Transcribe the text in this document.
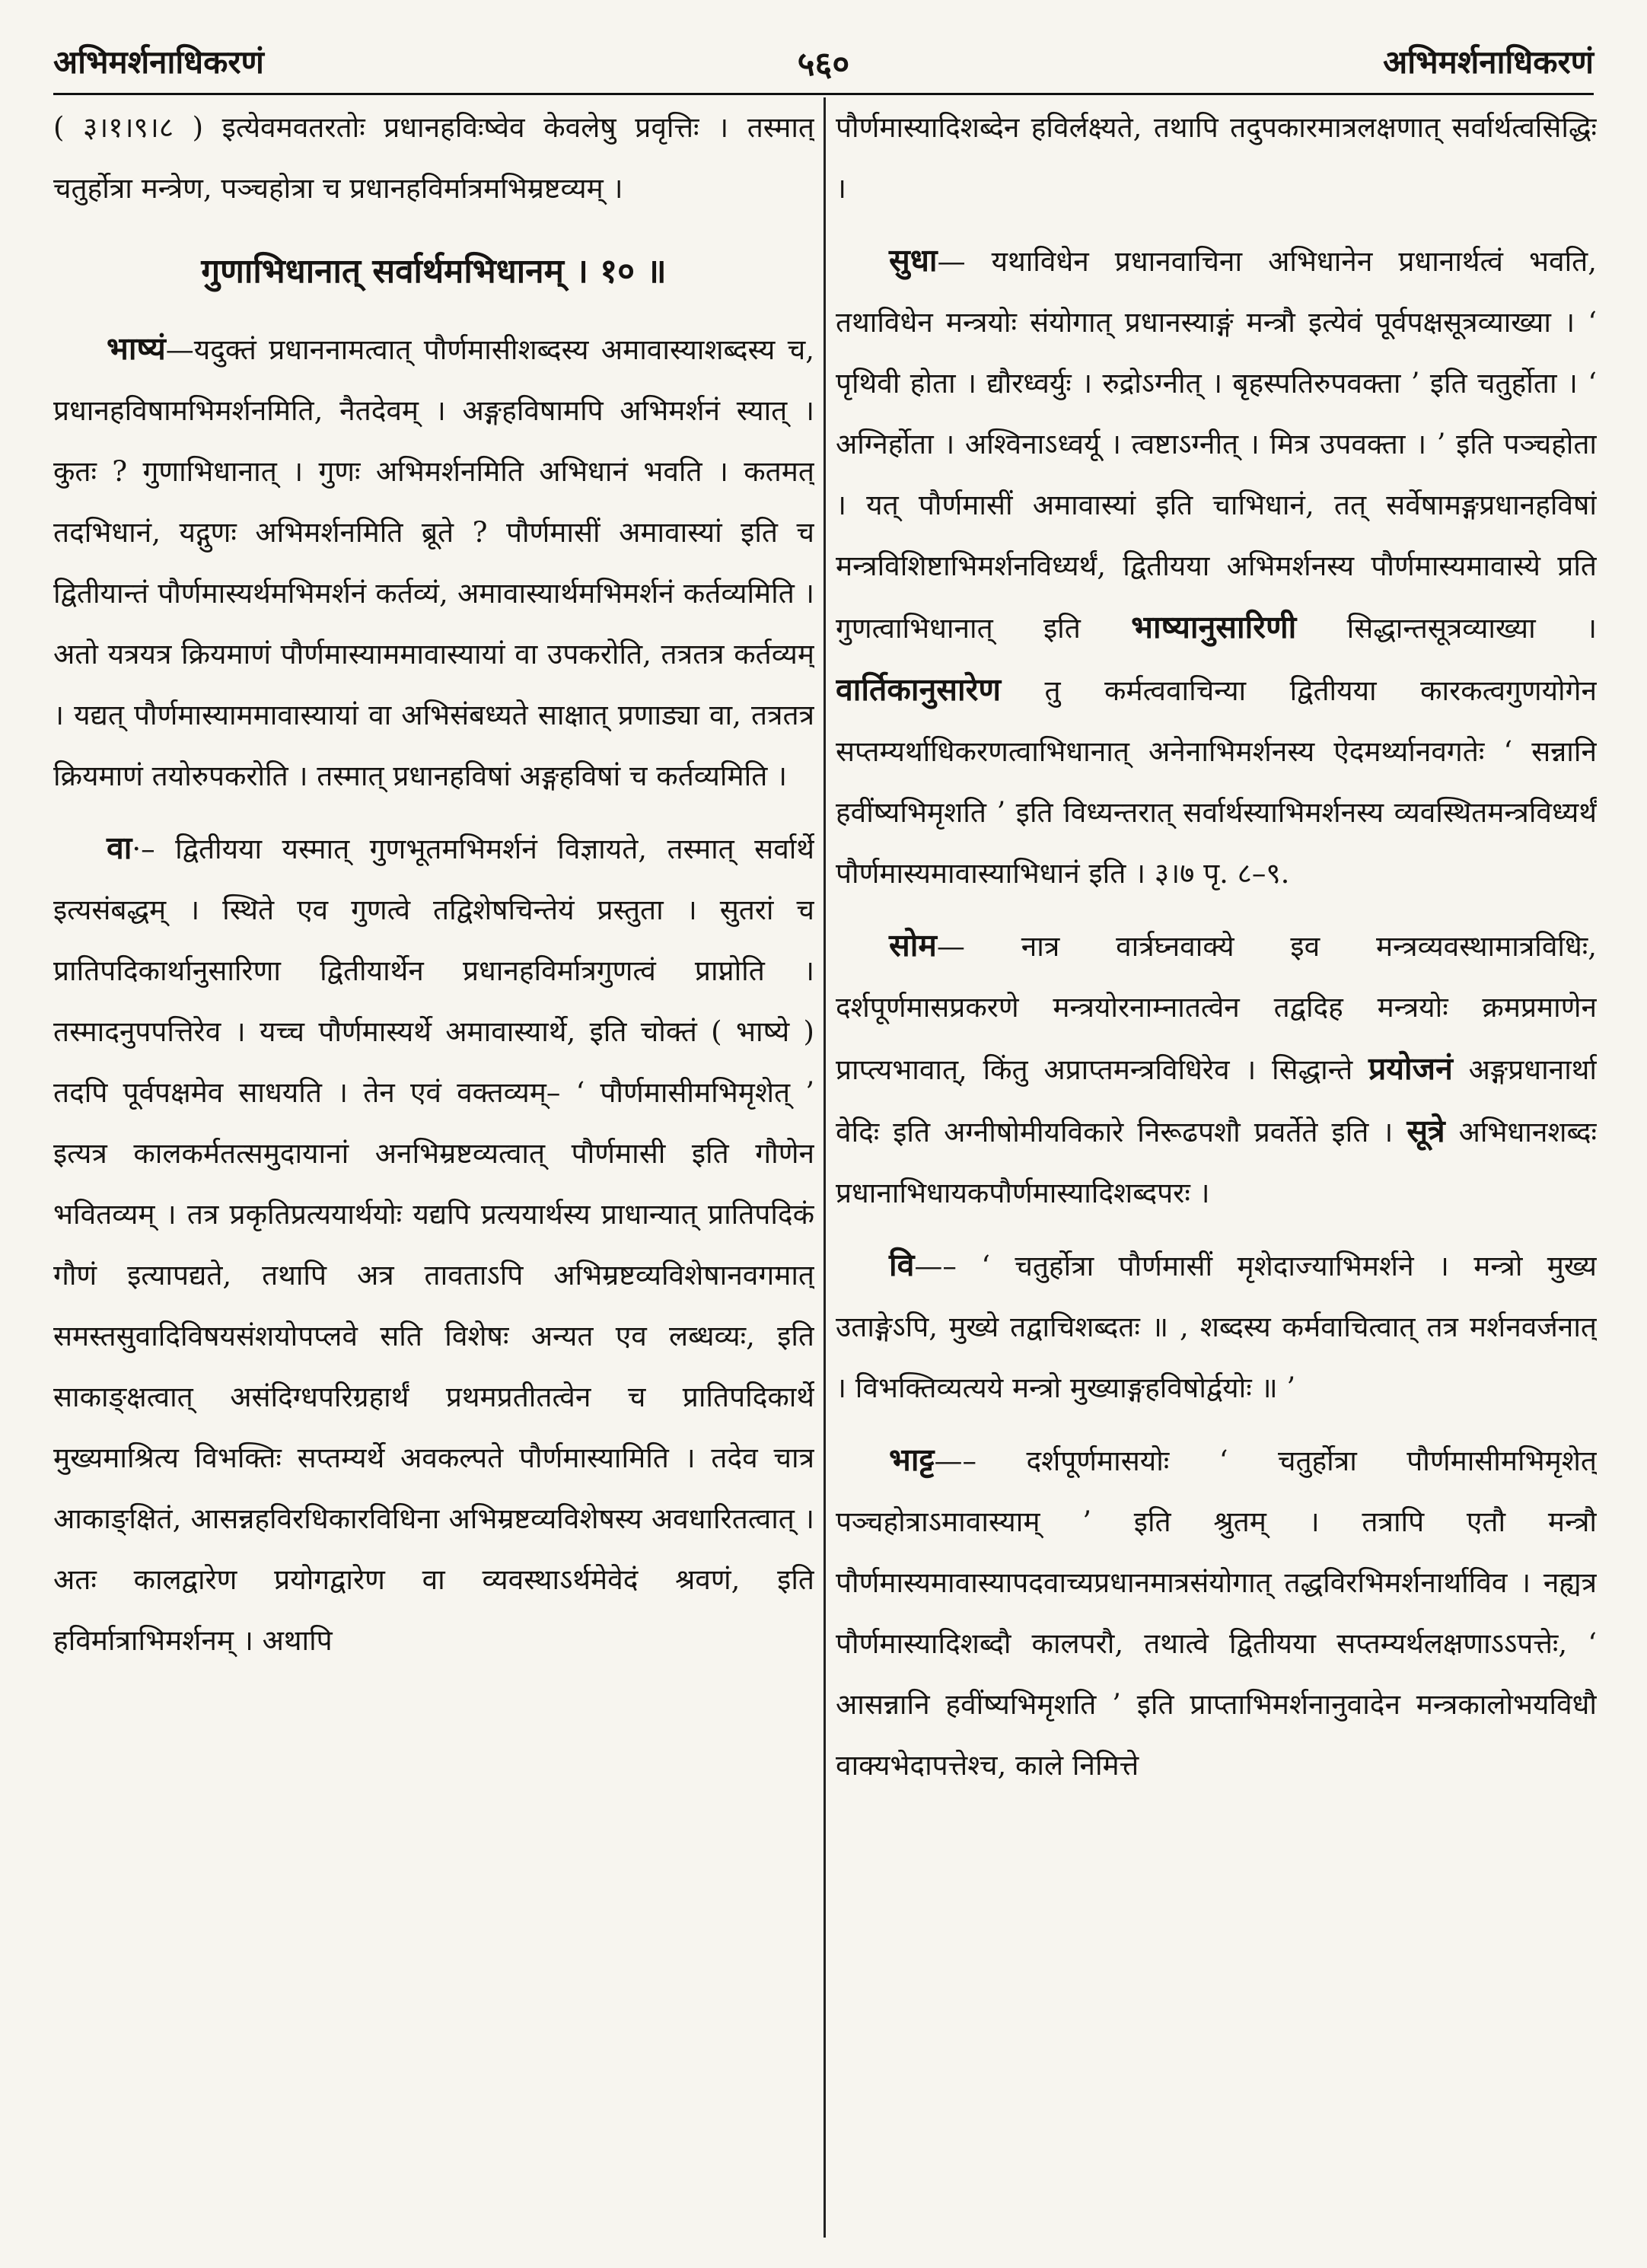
अभिमर्शनाधिकरणं	५६०	अभिमर्शनाधिकरणं

( ३।१।९।८ ) इत्येवमवतरतोः प्रधानहविःष्वेव केवलेषु प्रवृत्तिः । तस्मात् चतुर्होत्रा मन्त्रेण, पञ्चहोत्रा च प्रधानहविर्मात्रमभिम्रष्टव्यम् ।

गुणाभिधानात् सर्वार्थमभिधानम् । १० ॥

भाष्यं—यदुक्तं प्रधाननामत्वात् पौर्णमासीशब्दस्य अमावास्याशब्दस्य च, प्रधानहविषामभिमर्शनमिति, नैतदेवम् । अङ्गहविषामपि अभिमर्शनं स्यात् । कुतः ? गुणाभिधानात् । गुणः अभिमर्शनमिति अभिधानं भवति । कतमत् तदभिधानं, यद्गुणः अभिमर्शनमिति ब्रूते ? पौर्णमासीं अमावास्यां इति च द्वितीयान्तं पौर्णमास्यर्थमभिमर्शनं कर्तव्यं, अमावास्यार्थमभिमर्शनं कर्तव्यमिति । अतो यत्रयत्र क्रियमाणं पौर्णमास्याममावास्यायां वा उपकरोति, तत्रतत्र कर्तव्यम् । यद्यत् पौर्णमास्याममावास्यायां वा अभिसंबध्यते साक्षात् प्रणाड्या वा, तत्रतत्र क्रियमाणं तयोरुपकरोति । तस्मात् प्रधानहविषां अङ्गहविषां च कर्तव्यमिति ।

वा·– द्वितीयया यस्मात् गुणभूतमभिमर्शनं विज्ञायते, तस्मात् सर्वार्थे इत्यसंबद्धम् । स्थिते एव गुणत्वे तद्विशेषचिन्तेयं प्रस्तुता । सुतरां च प्रातिपदिकार्थानुसारिणा द्वितीयार्थेन प्रधानहविर्मात्रगुणत्वं प्राप्नोति । तस्मादनुपपत्तिरेव । यच्च पौर्णमास्यर्थे अमावास्यार्थे, इति चोक्तं ( भाष्ये ) तदपि पूर्वपक्षमेव साधयति । तेन एवं वक्तव्यम्– ‘ पौर्णमासीमभिमृशेत् ’ इत्यत्र कालकर्मतत्समुदायानां अनभिम्रष्टव्यत्वात् पौर्णमासी इति गौणेन भवितव्यम् । तत्र प्रकृतिप्रत्ययार्थयोः यद्यपि प्रत्ययार्थस्य प्राधान्यात् प्रातिपदिकं गौणं इत्यापद्यते, तथापि अत्र तावताऽपि अभिम्रष्टव्यविशेषानवगमात् समस्तसुवादिविषयसंशयोपप्लवे सति विशेषः अन्यत एव लब्धव्यः, इति साकाङ्क्षत्वात् असंदिग्धपरिग्रहार्थं प्रथमप्रतीतत्वेन च प्रातिपदिकार्थे मुख्यमाश्रित्य विभक्तिः सप्तम्यर्थे अवकल्पते पौर्णमास्यामिति । तदेव चात्र आकाङ्क्षितं, आसन्नहविरधिकारविधिना अभिम्रष्टव्यविशेषस्य अवधारितत्वात् । अतः कालद्वारेण प्रयोगद्वारेण वा व्यवस्थाऽर्थमेवेदं श्रवणं, इति हविर्मात्राभिमर्शनम् । अथापि

पौर्णमास्यादिशब्देन हविर्लक्ष्यते, तथापि तदुपकारमात्रलक्षणात् सर्वार्थत्वसिद्धिः ।

सुधा— यथाविधेन प्रधानवाचिना अभिधानेन प्रधानार्थत्वं भवति, तथाविधेन मन्त्रयोः संयोगात् प्रधानस्याङ्गं मन्त्रौ इत्येवं पूर्वपक्षसूत्रव्याख्या । ‘ पृथिवी होता । द्यौरध्वर्युः । रुद्रोऽग्नीत् । बृहस्पतिरुपवक्ता ’ इति चतुर्होता । ‘ अग्निर्होता । अश्विनाऽध्वर्यू । त्वष्टाऽग्नीत् । मित्र उपवक्ता । ’ इति पञ्चहोता । यत् पौर्णमासीं अमावास्यां इति चाभिधानं, तत् सर्वेषामङ्गप्रधानहविषां मन्त्रविशिष्टाभिमर्शनविध्यर्थं, द्वितीयया अभिमर्शनस्य पौर्णमास्यमावास्ये प्रति गुणत्वाभिधानात् इति भाष्यानुसारिणी सिद्धान्तसूत्रव्याख्या । वार्तिकानुसारेण तु कर्मत्ववाचिन्या द्वितीयया कारकत्वगुणयोगेन सप्तम्यर्थाधिकरणत्वाभिधानात् अनेनाभिमर्शनस्य ऐदमर्थ्यानवगतेः ‘ सन्नानि हवींष्यभिमृशति ’ इति विध्यन्तरात् सर्वार्थस्याभिमर्शनस्य व्यवस्थितमन्त्रविध्यर्थं पौर्णमास्यमावास्याभिधानं इति । ३।७ पृ. ८–९.

सोम— नात्र वार्त्रघ्नवाक्ये इव मन्त्रव्यवस्थामात्रविधिः, दर्शपूर्णमासप्रकरणे मन्त्रयोरनाम्नातत्वेन तद्वदिह मन्त्रयोः क्रमप्रमाणेन प्राप्त्यभावात्, किंतु अप्राप्तमन्त्रविधिरेव । सिद्धान्ते प्रयोजनं अङ्गप्रधानार्था वेदिः इति अग्नीषोमीयविकारे निरूढपशौ प्रवर्तेते इति । सूत्रे अभिधानशब्दः प्रधानाभिधायकपौर्णमास्यादिशब्दपरः ।

वि—– ‘ चतुर्होत्रा पौर्णमासीं मृशेदाज्याभिमर्शने । मन्त्रो मुख्य उताङ्गेऽपि, मुख्ये तद्वाचिशब्दतः ॥ , शब्दस्य कर्मवाचित्वात् तत्र मर्शनवर्जनात् । विभक्तिव्यत्यये मन्त्रो मुख्याङ्गहविषोर्द्वयोः ॥ ’

भाट्ट—– दर्शपूर्णमासयोः ‘ चतुर्होत्रा पौर्णमासीमभिमृशेत् पञ्चहोत्राऽमावास्याम् ’ इति श्रुतम् । तत्रापि एतौ मन्त्रौ पौर्णमास्यमावास्यापदवाच्यप्रधानमात्रसंयोगात् तद्धविरभिमर्शनार्थाविव । नह्यत्र पौर्णमास्यादिशब्दौ कालपरौ, तथात्वे द्वितीयया सप्तम्यर्थलक्षणाऽऽपत्तेः, ‘ आसन्नानि हवींष्यभिमृशति ’ इति प्राप्ताभिमर्शनानुवादेन मन्त्रकालोभयविधौ वाक्यभेदापत्तेश्च, काले निमित्ते
